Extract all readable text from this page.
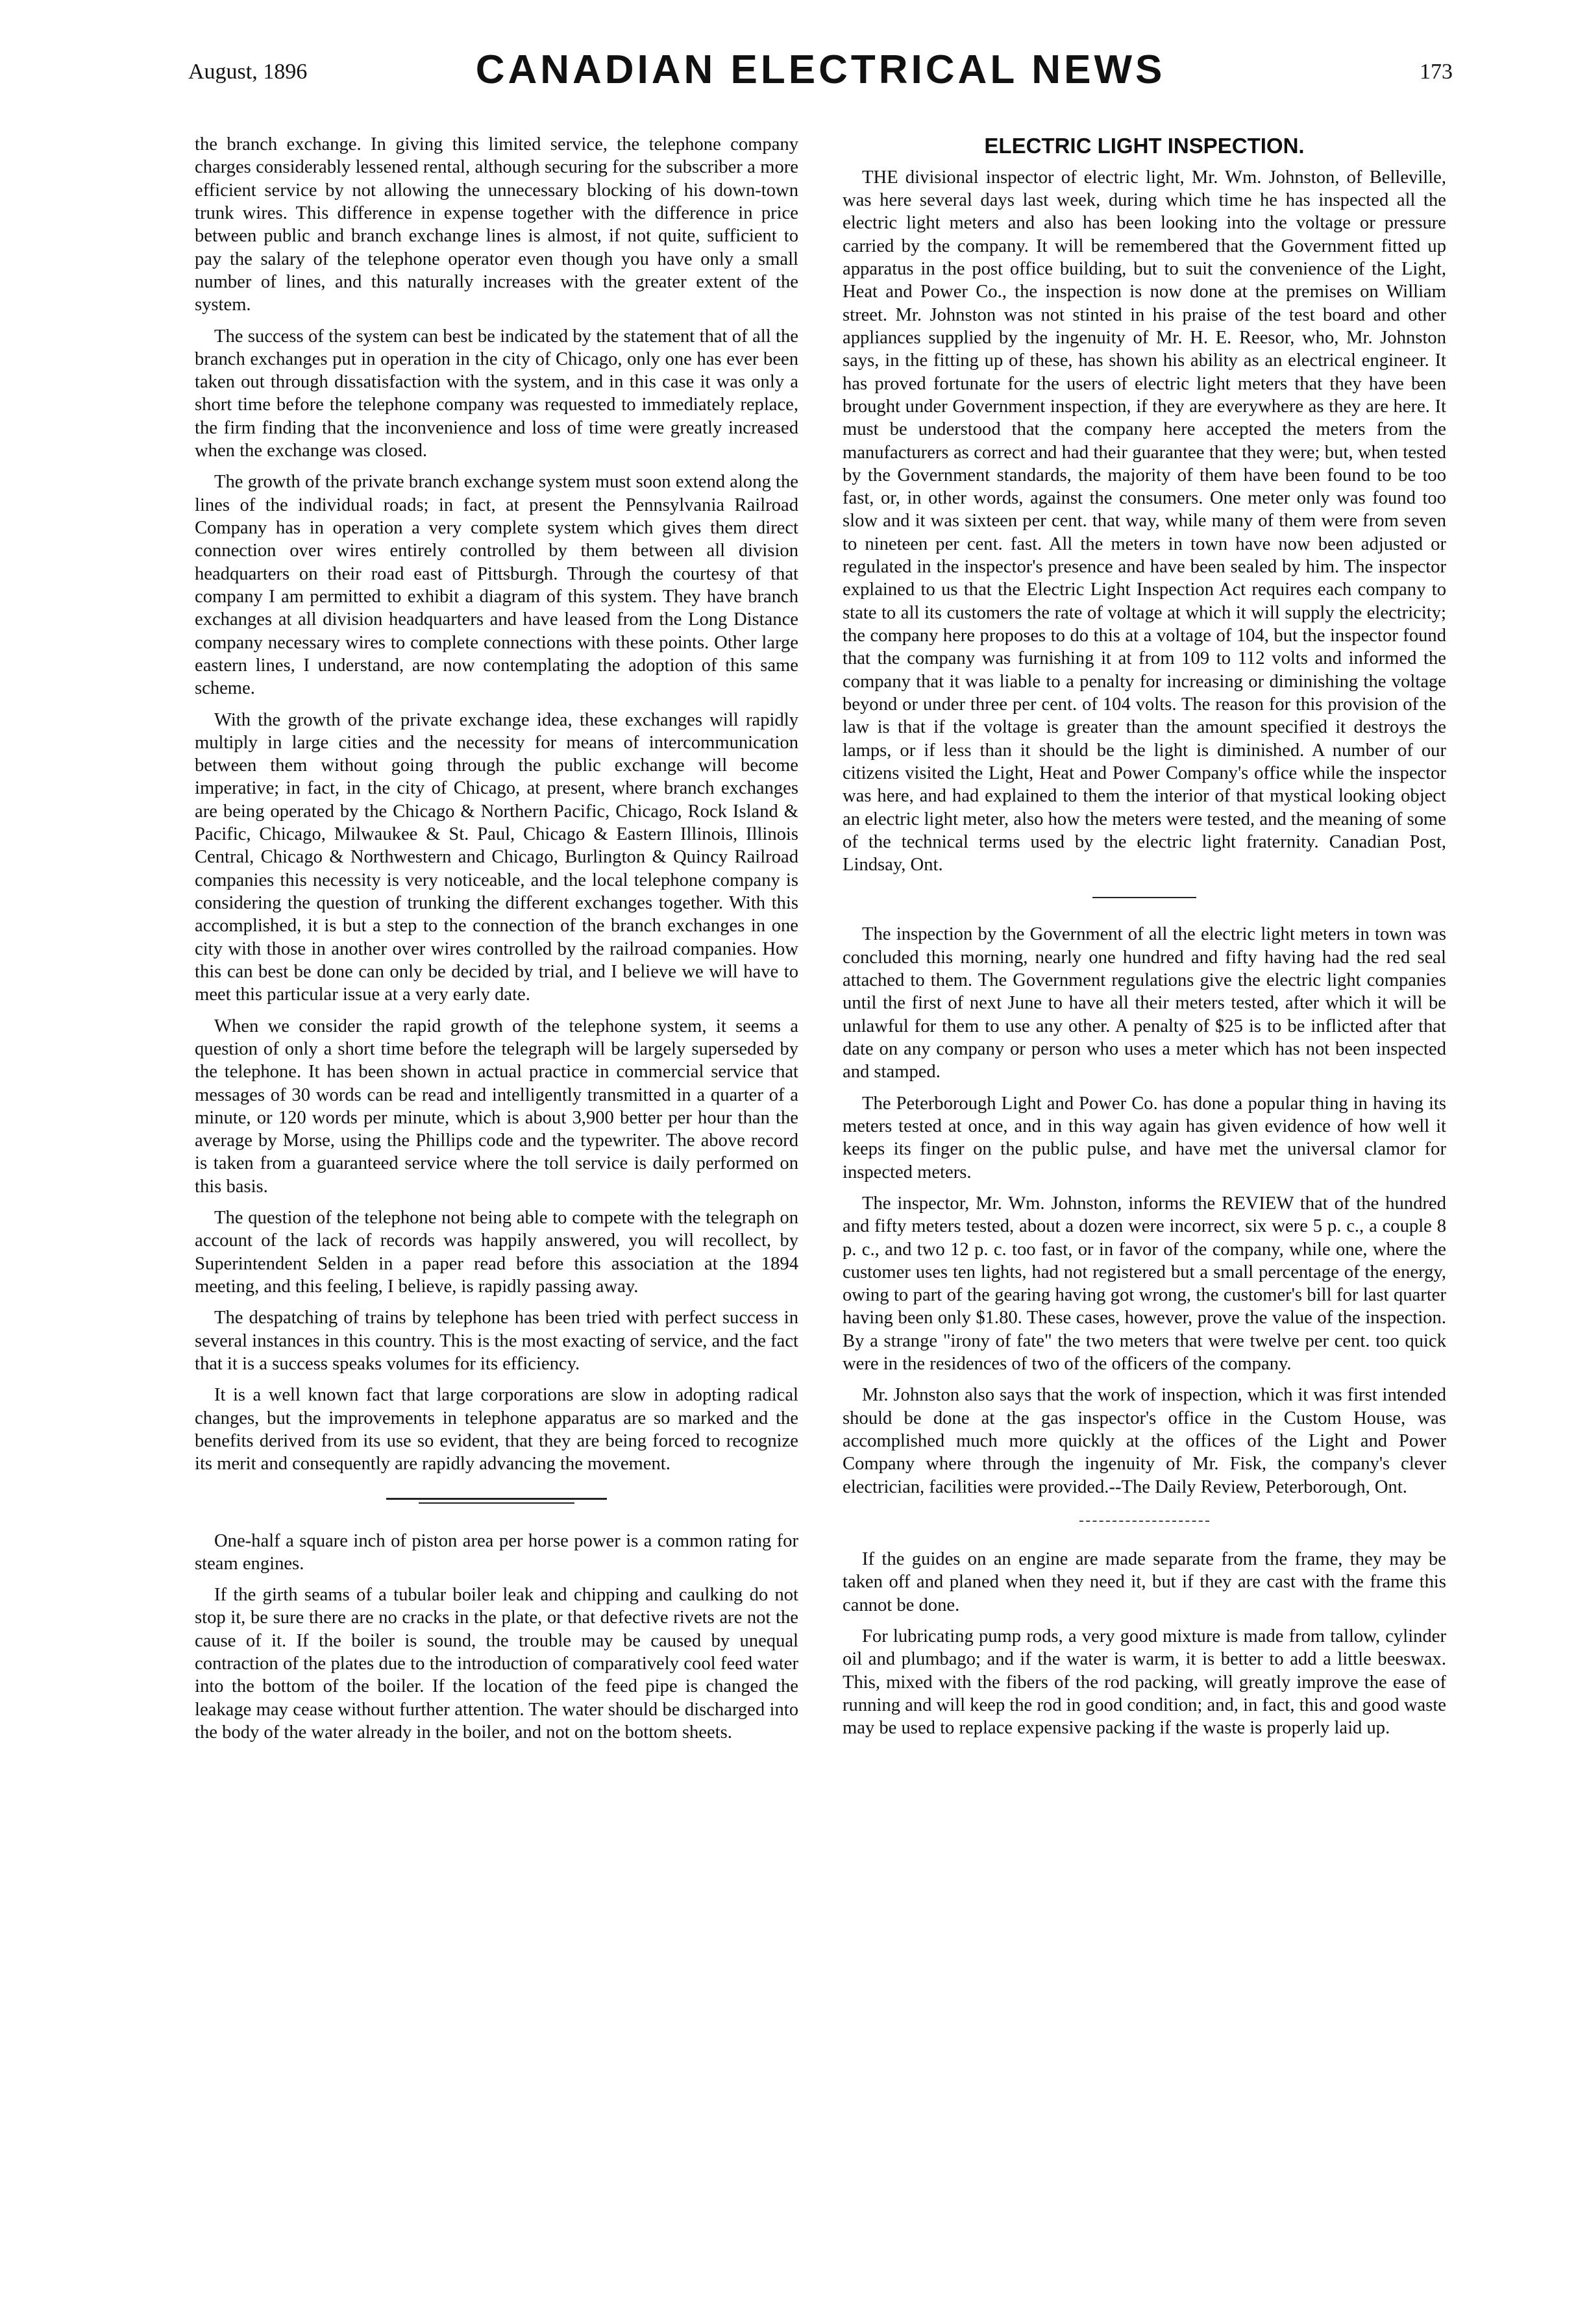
August, 1896	CANADIAN ELECTRICAL NEWS	173

the branch exchange. In giving this limited service, the telephone company charges considerably lessened rental, although securing for the subscriber a more efficient service by not allowing the unnecessary blocking of his down-town trunk wires. This difference in expense together with the difference in price between public and branch exchange lines is almost, if not quite, sufficient to pay the salary of the telephone operator even though you have only a small number of lines, and this naturally increases with the greater extent of the system.

The success of the system can best be indicated by the statement that of all the branch exchanges put in operation in the city of Chicago, only one has ever been taken out through dissatisfaction with the system, and in this case it was only a short time before the telephone company was requested to immediately replace, the firm finding that the inconvenience and loss of time were greatly increased when the exchange was closed.

The growth of the private branch exchange system must soon extend along the lines of the individual roads; in fact, at present the Pennsylvania Railroad Company has in operation a very complete system which gives them direct connection over wires entirely controlled by them between all division headquarters on their road east of Pittsburgh. Through the courtesy of that company I am permitted to exhibit a diagram of this system. They have branch exchanges at all division headquarters and have leased from the Long Distance company necessary wires to complete connections with these points. Other large eastern lines, I understand, are now contemplating the adoption of this same scheme.

With the growth of the private exchange idea, these exchanges will rapidly multiply in large cities and the necessity for means of intercommunication between them without going through the public exchange will become imperative; in fact, in the city of Chicago, at present, where branch exchanges are being operated by the Chicago & Northern Pacific, Chicago, Rock Island & Pacific, Chicago, Milwaukee & St. Paul, Chicago & Eastern Illinois, Illinois Central, Chicago & Northwestern and Chicago, Burlington & Quincy Railroad companies this necessity is very noticeable, and the local telephone company is considering the question of trunking the different exchanges together. With this accomplished, it is but a step to the connection of the branch exchanges in one city with those in another over wires controlled by the railroad companies. How this can best be done can only be decided by trial, and I believe we will have to meet this particular issue at a very early date.

When we consider the rapid growth of the telephone system, it seems a question of only a short time before the telegraph will be largely superseded by the telephone. It has been shown in actual practice in commercial service that messages of 30 words can be read and intelligently transmitted in a quarter of a minute, or 120 words per minute, which is about 3,900 better per hour than the average by Morse, using the Phillips code and the typewriter. The above record is taken from a guaranteed service where the toll service is daily performed on this basis.

The question of the telephone not being able to compete with the telegraph on account of the lack of records was happily answered, you will recollect, by Superintendent Selden in a paper read before this association at the 1894 meeting, and this feeling, I believe, is rapidly passing away.

The despatching of trains by telephone has been tried with perfect success in several instances in this country. This is the most exacting of service, and the fact that it is a success speaks volumes for its efficiency.

It is a well known fact that large corporations are slow in adopting radical changes, but the improvements in telephone apparatus are so marked and the benefits derived from its use so evident, that they are being forced to recognize its merit and consequently are rapidly advancing the movement.

One-half a square inch of piston area per horse power is a common rating for steam engines.

If the girth seams of a tubular boiler leak and chipping and caulking do not stop it, be sure there are no cracks in the plate, or that defective rivets are not the cause of it. If the boiler is sound, the trouble may be caused by unequal contraction of the plates due to the introduction of comparatively cool feed water into the bottom of the boiler. If the location of the feed pipe is changed the leakage may cease without further attention. The water should be discharged into the body of the water already in the boiler, and not on the bottom sheets.

ELECTRIC LIGHT INSPECTION.

THE divisional inspector of electric light, Mr. Wm. Johnston, of Belleville, was here several days last week, during which time he has inspected all the electric light meters and also has been looking into the voltage or pressure carried by the company. It will be remembered that the Government fitted up apparatus in the post office building, but to suit the convenience of the Light, Heat and Power Co., the inspection is now done at the premises on William street. Mr. Johnston was not stinted in his praise of the test board and other appliances supplied by the ingenuity of Mr. H. E. Reesor, who, Mr. Johnston says, in the fitting up of these, has shown his ability as an electrical engineer. It has proved fortunate for the users of electric light meters that they have been brought under Government inspection, if they are everywhere as they are here. It must be understood that the company here accepted the meters from the manufacturers as correct and had their guarantee that they were; but, when tested by the Government standards, the majority of them have been found to be too fast, or, in other words, against the consumers. One meter only was found too slow and it was sixteen per cent. that way, while many of them were from seven to nineteen per cent. fast. All the meters in town have now been adjusted or regulated in the inspector's presence and have been sealed by him. The inspector explained to us that the Electric Light Inspection Act requires each company to state to all its customers the rate of voltage at which it will supply the electricity; the company here proposes to do this at a voltage of 104, but the inspector found that the company was furnishing it at from 109 to 112 volts and informed the company that it was liable to a penalty for increasing or diminishing the voltage beyond or under three per cent. of 104 volts. The reason for this provision of the law is that if the voltage is greater than the amount specified it destroys the lamps, or if less than it should be the light is diminished. A number of our citizens visited the Light, Heat and Power Company's office while the inspector was here, and had explained to them the interior of that mystical looking object an electric light meter, also how the meters were tested, and the meaning of some of the technical terms used by the electric light fraternity. Canadian Post, Lindsay, Ont.

The inspection by the Government of all the electric light meters in town was concluded this morning, nearly one hundred and fifty having had the red seal attached to them. The Government regulations give the electric light companies until the first of next June to have all their meters tested, after which it will be unlawful for them to use any other. A penalty of $25 is to be inflicted after that date on any company or person who uses a meter which has not been inspected and stamped.

The Peterborough Light and Power Co. has done a popular thing in having its meters tested at once, and in this way again has given evidence of how well it keeps its finger on the public pulse, and have met the universal clamor for inspected meters.

The inspector, Mr. Wm. Johnston, informs the REVIEW that of the hundred and fifty meters tested, about a dozen were incorrect, six were 5 p. c., a couple 8 p. c., and two 12 p. c. too fast, or in favor of the company, while one, where the customer uses ten lights, had not registered but a small percentage of the energy, owing to part of the gearing having got wrong, the customer's bill for last quarter having been only $1.80. These cases, however, prove the value of the inspection. By a strange "irony of fate" the two meters that were twelve per cent. too quick were in the residences of two of the officers of the company.

Mr. Johnston also says that the work of inspection, which it was first intended should be done at the gas inspector's office in the Custom House, was accomplished much more quickly at the offices of the Light and Power Company where through the ingenuity of Mr. Fisk, the company's clever electrician, facilities were provided.--The Daily Review, Peterborough, Ont.

If the guides on an engine are made separate from the frame, they may be taken off and planed when they need it, but if they are cast with the frame this cannot be done.

For lubricating pump rods, a very good mixture is made from tallow, cylinder oil and plumbago; and if the water is warm, it is better to add a little beeswax. This, mixed with the fibers of the rod packing, will greatly improve the ease of running and will keep the rod in good condition; and, in fact, this and good waste may be used to replace expensive packing if the waste is properly laid up.
